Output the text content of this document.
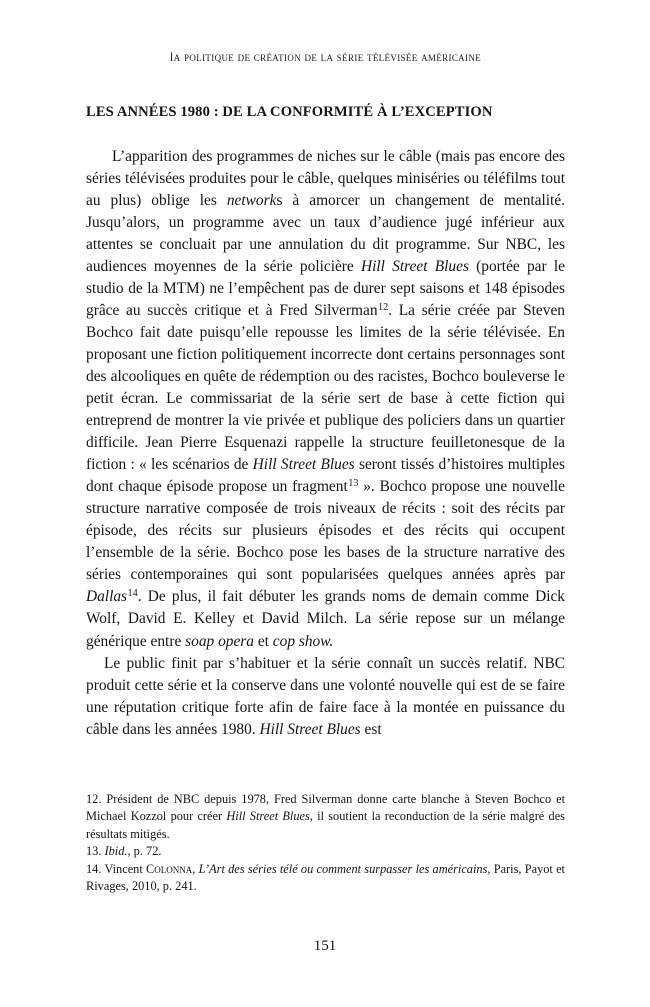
la politique de création de la série télévisée américaine
LES ANNÉES 1980 : DE LA CONFORMITÉ À L’EXCEPTION

L’apparition des programmes de niches sur le câble (mais pas encore des séries télévisées produites pour le câble, quelques miniséries ou téléfilms tout au plus) oblige les networks à amorcer un changement de mentalité. Jusqu’alors, un programme avec un taux d’audience jugé inférieur aux attentes se concluait par une annulation du dit programme. Sur NBC, les audiences moyennes de la série policière Hill Street Blues (portée par le studio de la MTM) ne l’empêchent pas de durer sept saisons et 148 épisodes grâce au succès critique et à Fred Silverman$^{12}$. La série créée par Steven Bochco fait date puisqu’elle repousse les limites de la série télévisée. En proposant une fiction politiquement incorrecte dont certains personnages sont des alcooliques en quête de rédemption ou des racistes, Bochco bouleverse le petit écran. Le commissariat de la série sert de base à cette fiction qui entreprend de montrer la vie privée et publique des policiers dans un quartier difficile. Jean Pierre Esquenazi rappelle la structure feuilletonesque de la fiction : « les scénarios de Hill Street Blues seront tissés d’histoires multiples dont chaque épisode propose un fragment$^{13}$ ». Bochco propose une nouvelle structure narrative composée de trois niveaux de récits : soit des récits par épisode, des récits sur plusieurs épisodes et des récits qui occupent l’ensemble de la série. Bochco pose les bases de la structure narrative des séries contemporaines qui sont popularisées quelques années après par Dallas$^{14}$. De plus, il fait débuter les grands noms de demain comme Dick Wolf, David E. Kelley et David Milch. La série repose sur un mélange générique entre soap opera et cop show.

Le public finit par s’habituer et la série connaît un succès relatif. NBC produit cette série et la conserve dans une volonté nouvelle qui est de se faire une réputation critique forte afin de faire face à la montée en puissance du câble dans les années 1980. Hill Street Blues est

12. Président de NBC depuis 1978, Fred Silverman donne carte blanche à Steven Bochco et Michael Kozzol pour créer Hill Street Blues, il soutient la reconduction de la série malgré des résultats mitigés.

13. Ibid., p. 72.

14. Vincent Colonna, L’Art des séries télé ou comment surpasser les américains, Paris, Payot et Rivages, 2010, p. 241.

151
